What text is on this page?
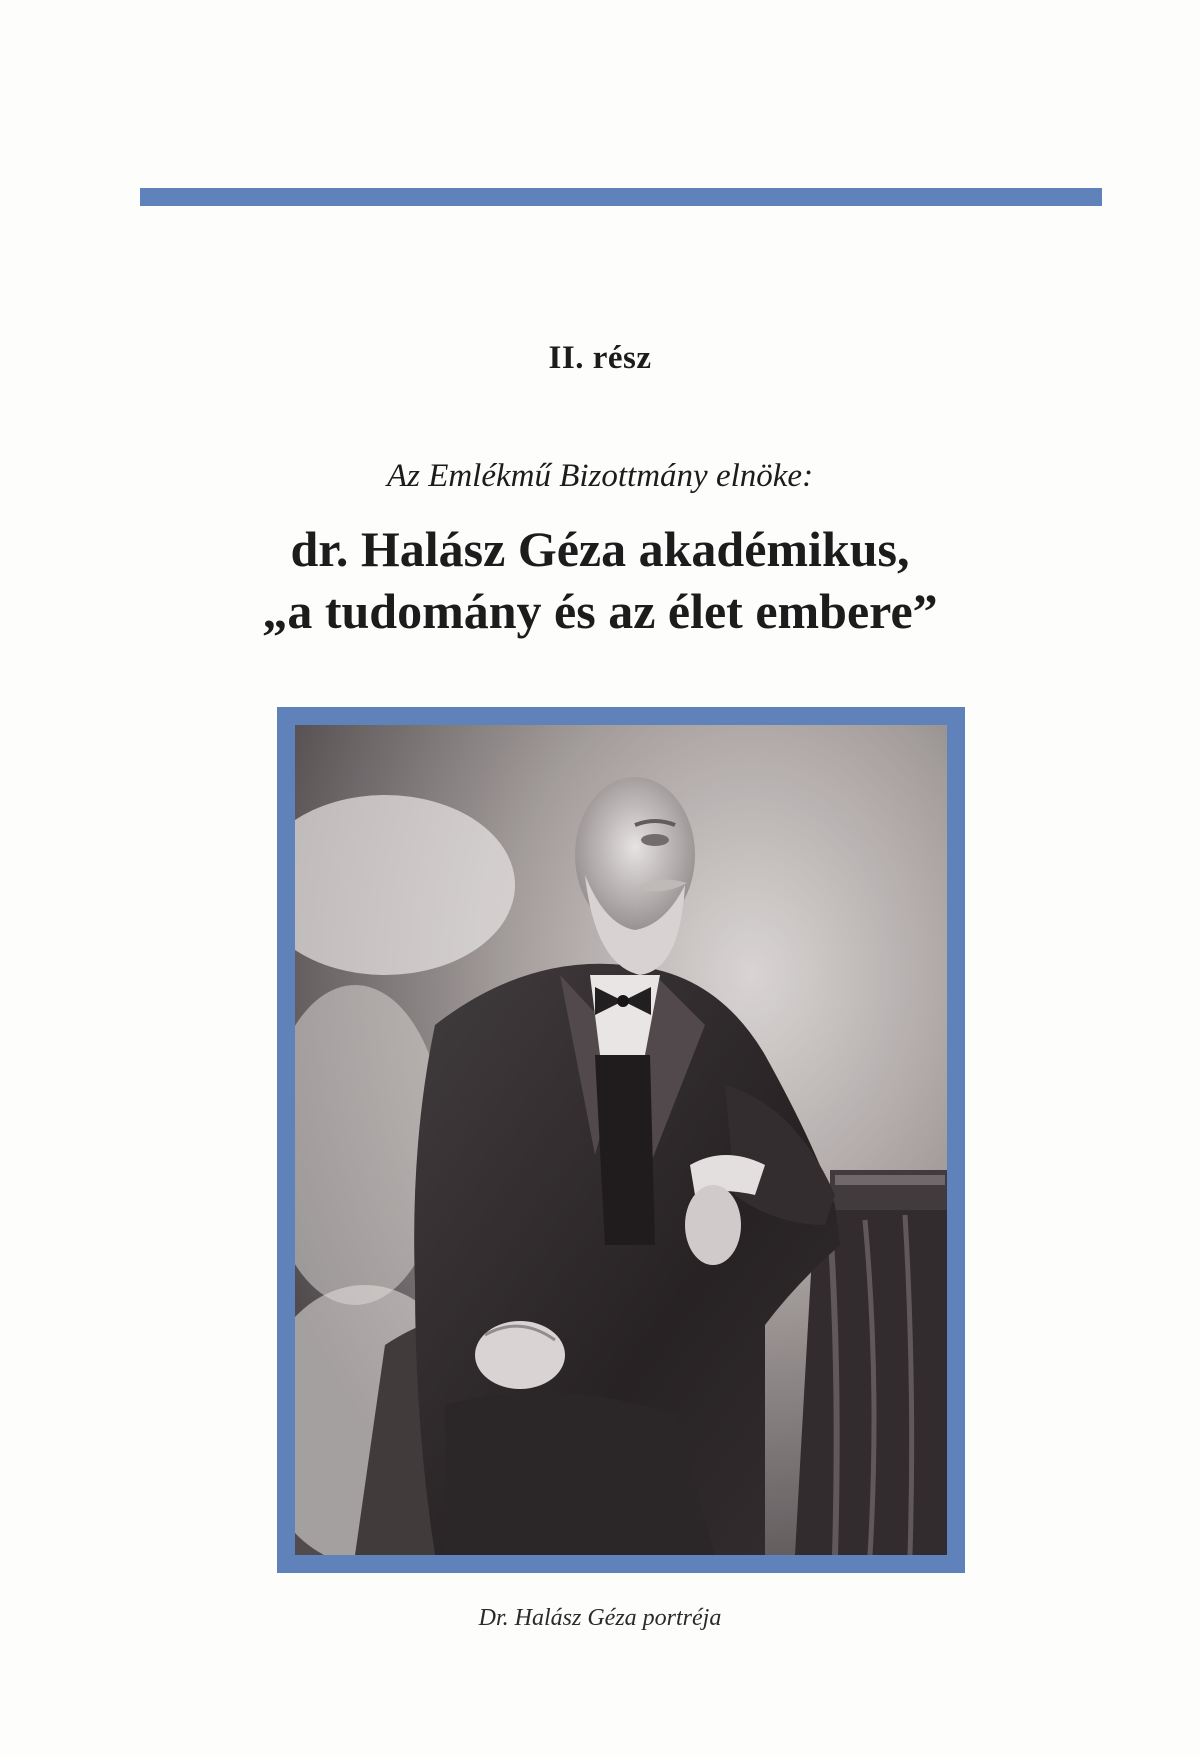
II. rész
Az Emlékmű Bizottmány elnöke:
dr. Halász Géza akadémikus,
„a tudomány és az élet embere”
Dr. Halász Géza portréja
